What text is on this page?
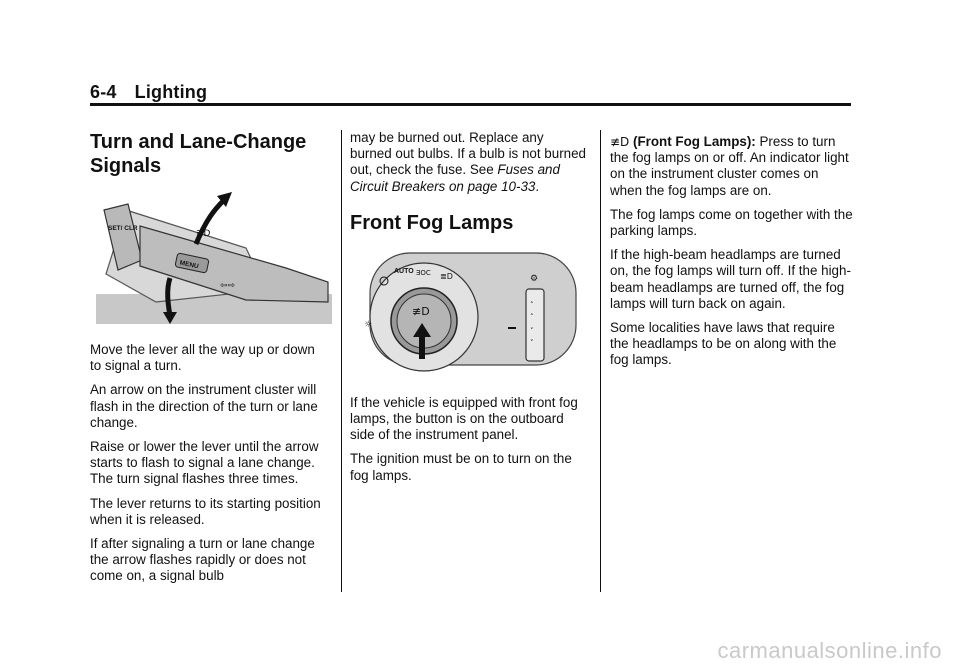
6-4 Lighting
Turn and Lane-Change
Signals
MENU
SET/ CLR
≣D
⇦⇨

Move the lever all the way up or down to signal a turn.

An arrow on the instrument cluster will flash in the direction of the turn or lane change.

Raise or lower the lever until the arrow starts to flash to signal a lane change. The turn signal flashes three times.

The lever returns to its starting position when it is released.

If after signaling a turn or lane change the arrow flashes rapidly or does not come on, a signal bulb

may be burned out. Replace any burned out bulbs. If a bulb is not burned out, check the fuse. See Fuses and Circuit Breakers on page 10-33.

Front Fog Lamps
AUTO ƎOC ≣D
☼
≢D	˄
˄
˅
˅
⚙

If the vehicle is equipped with front fog lamps, the button is on the outboard side of the instrument panel.

The ignition must be on to turn on the fog lamps.

≢D (Front Fog Lamps): Press to turn the fog lamps on or off. An indicator light on the instrument cluster comes on when the fog lamps are on.

The fog lamps come on together with the parking lamps.

If the high-beam headlamps are turned on, the fog lamps will turn off. If the high-beam headlamps are turned off, the fog lamps will turn back on again.

Some localities have laws that require the headlamps to be on along with the fog lamps.

carmanualsonline.info
